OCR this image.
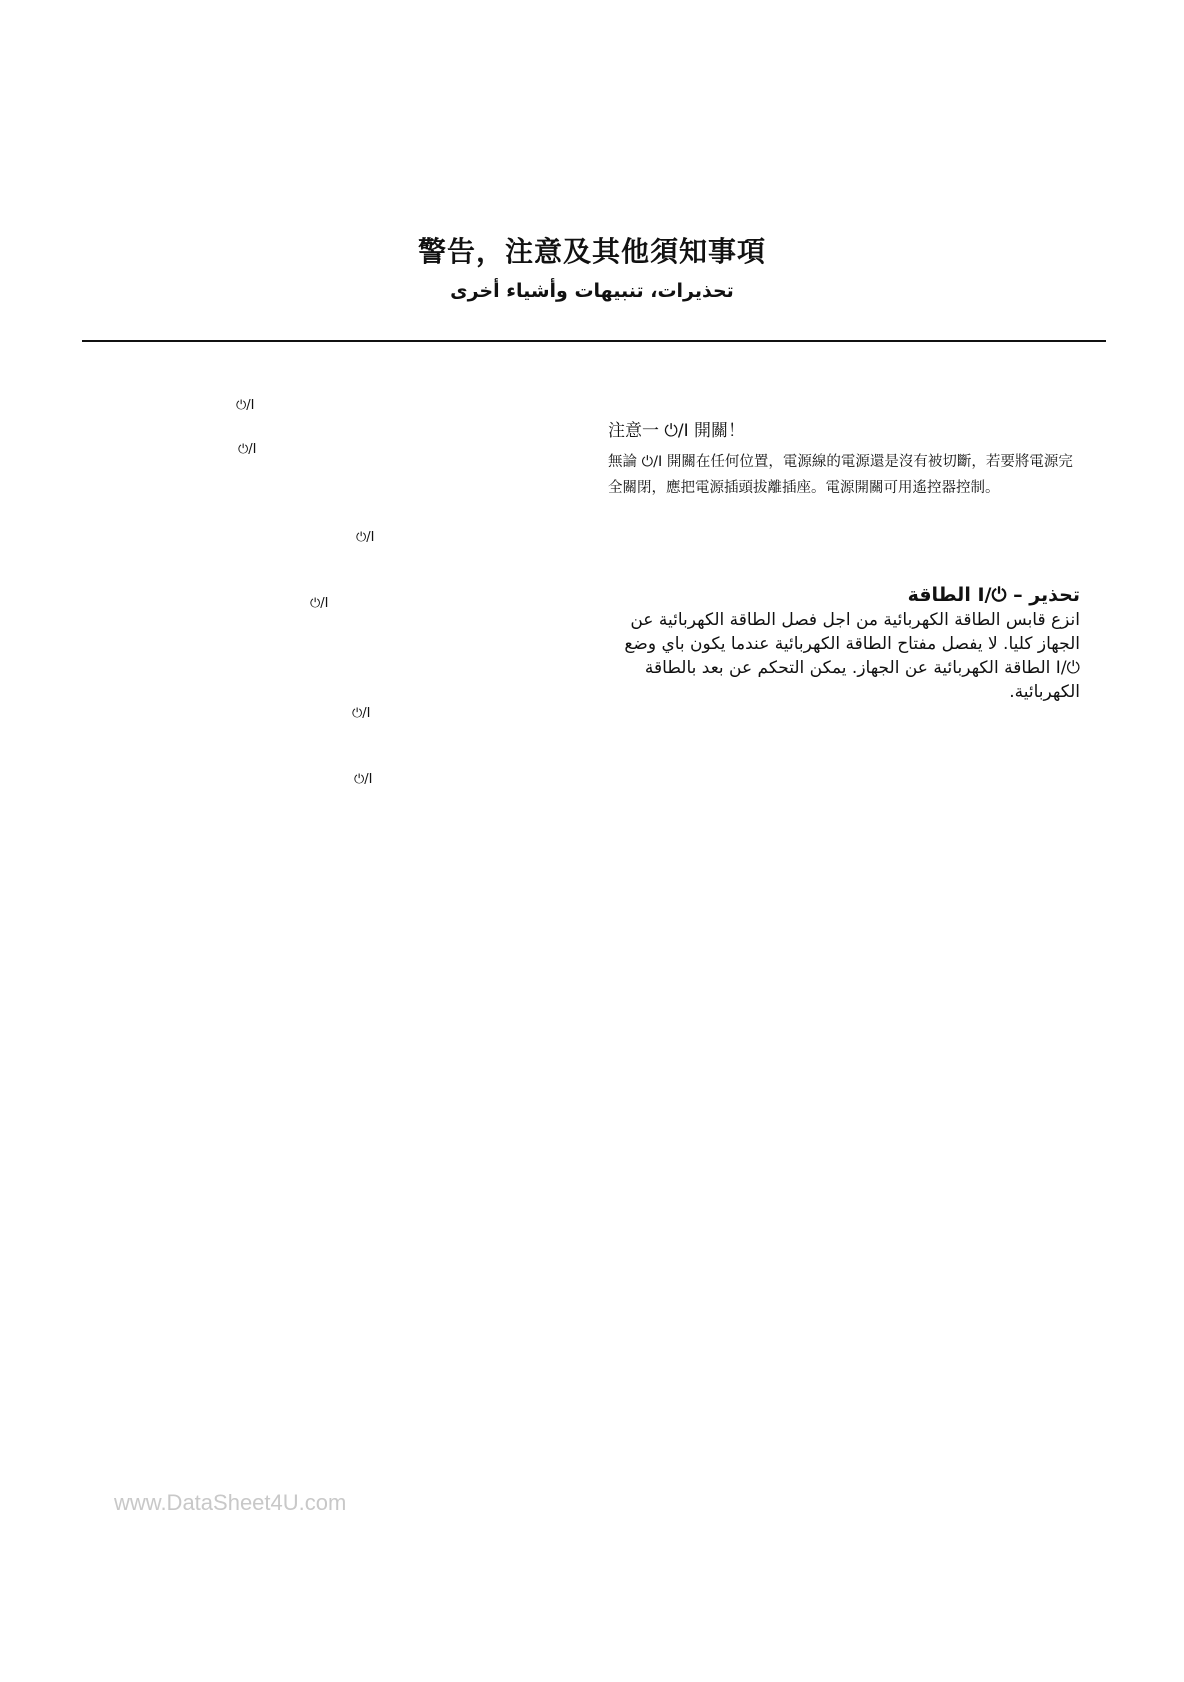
警告，注意及其他須知事項
تحذيرات، تنبيهات وأشياء أخرى
⏻/I
⏻/I
⏻/I
⏻/I
⏻/I
⏻/I

注意一 ⏻/I 開關！

無論 ⏻/I 開關在任何位置，電源線的電源還是沒有被切斷，若要將電源完全關閉，應把電源插頭拔離插座。電源開關可用遙控器控制。

تحذير – ⏻/I الطاقة

انزع قابس الطاقة الكهربائية من اجل فصل الطاقة الكهربائية عن الجهاز كليا. لا يفصل مفتاح الطاقة الكهربائية عندما يكون باي وضع ⏻/I الطاقة الكهربائية عن الجهاز. يمكن التحكم عن بعد بالطاقة الكهربائية.

www.DataSheet4U.com
